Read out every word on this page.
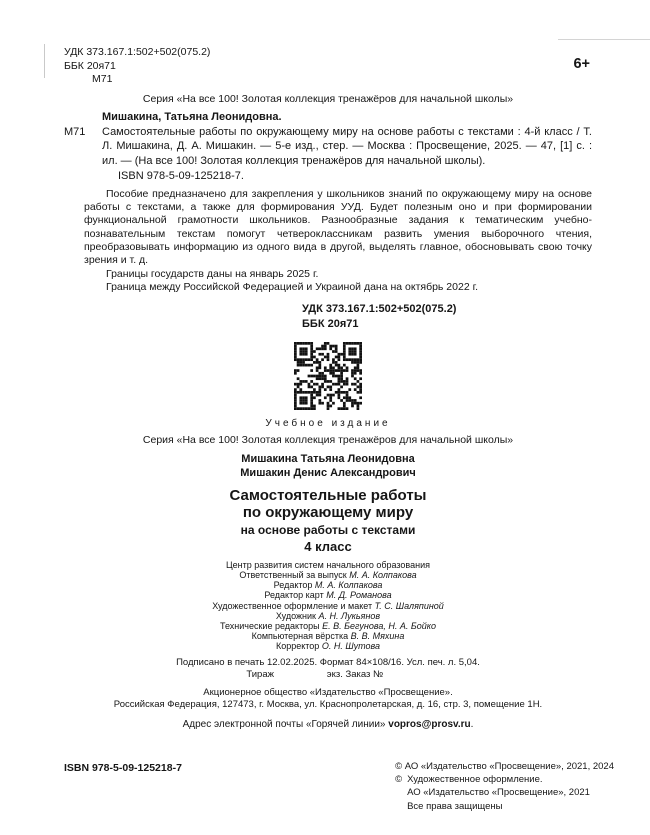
УДК 373.167.1:502+502(075.2)
ББК 20я71
М71
6+
Серия «На все 100! Золотая коллекция тренажёров для начальной школы»
Мишакина, Татьяна Леонидовна.
М71	Самостоятельные работы по окружающему миру на основе работы с текстами : 4-й класс / Т. Л. Мишакина, Д. А. Мишакин. — 5-е изд., стер. — Москва : Просвещение, 2025. — 47, [1] с. : ил. — (На все 100! Золотая коллекция тренажёров для начальной школы).
ISBN 978-5-09-125218-7.
Пособие предназначено для закрепления у школьников знаний по окружающему миру на основе работы с текстами, а также для формирования УУД. Будет полезным оно и при формировании функциональной грамотности школьников. Разнообразные задания к тематическим учебно-познавательным текстам помогут четвероклассникам развить умения выборочного чтения, преобразовывать информацию из одного вида в другой, выделять главное, обосновывать свою точку зрения и т. д.
Границы государств даны на январь 2025 г.
Граница между Российской Федерацией и Украиной дана на октябрь 2022 г.
УДК 373.167.1:502+502(075.2)
ББК 20я71
Учебное издание
Серия «На все 100! Золотая коллекция тренажёров для начальной школы»
Мишакина Татьяна Леонидовна
Мишакин Денис Александрович
Самостоятельные работы
по окружающему миру
на основе работы с текстами
4 класс
Центр развития систем начального образования
Ответственный за выпуск М. А. Колпакова
Редактор М. А. Колпакова
Редактор карт М. Д. Романова
Художественное оформление и макет Т. С. Шаляпиной
Художник А. Н. Лукьянов
Технические редакторы Е. В. Бегунова, Н. А. Бойко
Компьютерная вёрстка В. В. Мяхина
Корректор О. Н. Шутова
Подписано в печать 12.02.2025. Формат 84×108/16. Усл. печ. л. 5,04.
Тираж                    экз. Заказ №
Акционерное общество «Издательство «Просвещение».
Российская Федерация, 127473, г. Москва, ул. Краснопролетарская, д. 16, стр. 3, помещение 1Н.
Адрес электронной почты «Горячей линии» vopros@prosv.ru.
ISBN 978-5-09-125218-7	© АО «Издательство «Просвещение», 2021, 2024
© Художественное оформление.
АО «Издательство «Просвещение», 2021
Все права защищены
